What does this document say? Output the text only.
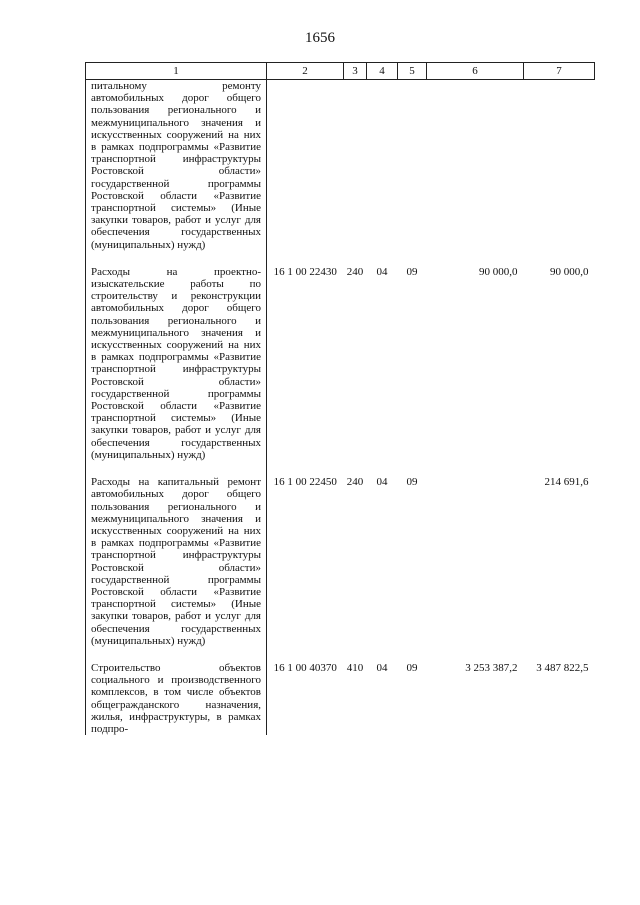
1656
1	2	3	4	5	6	7
питальному ремонту автомобильных дорог общего пользования регионального и межмуниципального значения и искусственных сооружений на них в рамках подпрограммы «Развитие транспортной инфраструктуры Ростовской области» государственной программы Ростовской области «Развитие транспортной системы» (Иные закупки товаров, работ и услуг для обеспечения государственных (муниципальных) нужд)						

Расходы на проектно-изыскательские работы по строительству и реконструкции автомобильных дорог общего пользования регионального и межмуниципального значения и искусственных сооружений на них в рамках подпрограммы «Развитие транспортной инфраструктуры Ростовской области» государственной программы Ростовской области «Развитие транспортной системы» (Иные закупки товаров, работ и услуг для обеспечения государственных (муниципальных) нужд)	16 1 00 22430	240	04	09	90 000,0	90 000,0

Расходы на капитальный ремонт автомобильных дорог общего пользования регионального и межмуниципального значения и искусственных сооружений на них в рамках подпрограммы «Развитие транспортной инфраструктуры Ростовской области» государственной программы Ростовской области «Развитие транспортной системы» (Иные закупки товаров, работ и услуг для обеспечения государственных (муниципальных) нужд)	16 1 00 22450	240	04	09		214 691,6

Строительство объектов социального и производственного комплексов, в том числе объектов общегражданского назначения, жилья, инфраструктуры, в рамках подпро-	16 1 00 40370	410	04	09	3 253 387,2	3 487 822,5
